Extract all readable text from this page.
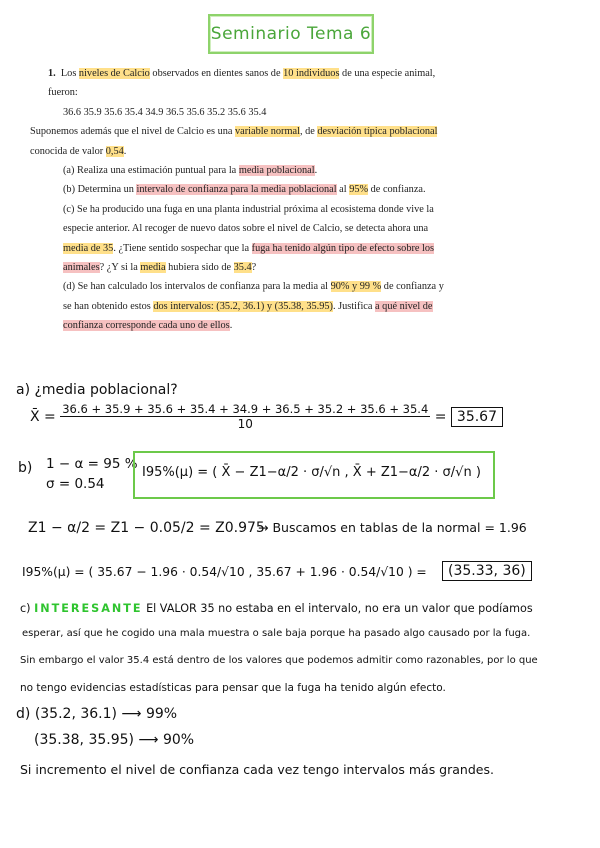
Seminario Tema 6

1. Los niveles de Calcio observados en dientes sanos de 10 individuos de una especie animal, fueron:

36.6 35.9 35.6 35.4 34.9 36.5 35.6 35.2 35.6 35.4

Suponemos además que el nivel de Calcio es una variable normal, de desviación típica poblacional conocida de valor 0,54.

(a) Realiza una estimación puntual para la media poblacional.

(b) Determina un intervalo de confianza para la media poblacional al 95% de confianza.

(c) Se ha producido una fuga en una planta industrial próxima al ecosistema donde vive la especie anterior. Al recoger de nuevo datos sobre el nivel de Calcio, se detecta ahora una media de 35. ¿Tiene sentido sospechar que la fuga ha tenido algún tipo de efecto sobre los animales? ¿Y si la media hubiera sido de 35.4?

(d) Se han calculado los intervalos de confianza para la media al 90% y 99 % de confianza y se han obtenido estos dos intervalos: (35.2, 36.1) y (35.38, 35.95). Justifica a qué nivel de confianza corresponde cada uno de ellos.

a) ¿media poblacional?
X̄ =
$\frac{36.6 + 35.9 + 35.6 + 35.4 + 34.9 + 36.5 + 35.2 + 35.6 + 35.4}{10}$
=
35.67
b) 1 − α = 95 %
σ = 0.54
I95%(μ) = ( X̄ − Z1−α/2 · σ/√n , X̄ + Z1−α/2 · σ/√n )
Z1 − α/2 = Z1 − 0.05/2 = Z0.975
→ Buscamos en tablas de la normal = 1.96
I95%(μ) = ( 35.67 − 1.96 · 0.54/√10 , 35.67 + 1.96 · 0.54/√10 ) =	(35.33, 36)
c) INTERESANTE El VALOR 35 no estaba en el intervalo, no era un valor que podíamos
esperar, así que he cogido una mala muestra o sale baja porque ha pasado algo causado por la fuga.
Sin embargo el valor 35.4 está dentro de los valores que podemos admitir como razonables, por lo que
no tengo evidencias estadísticas para pensar que la fuga ha tenido algún efecto.
d) (35.2, 36.1) ⟶ 99%
(35.38, 35.95) ⟶ 90%
Si incremento el nivel de confianza cada vez tengo intervalos más grandes.
